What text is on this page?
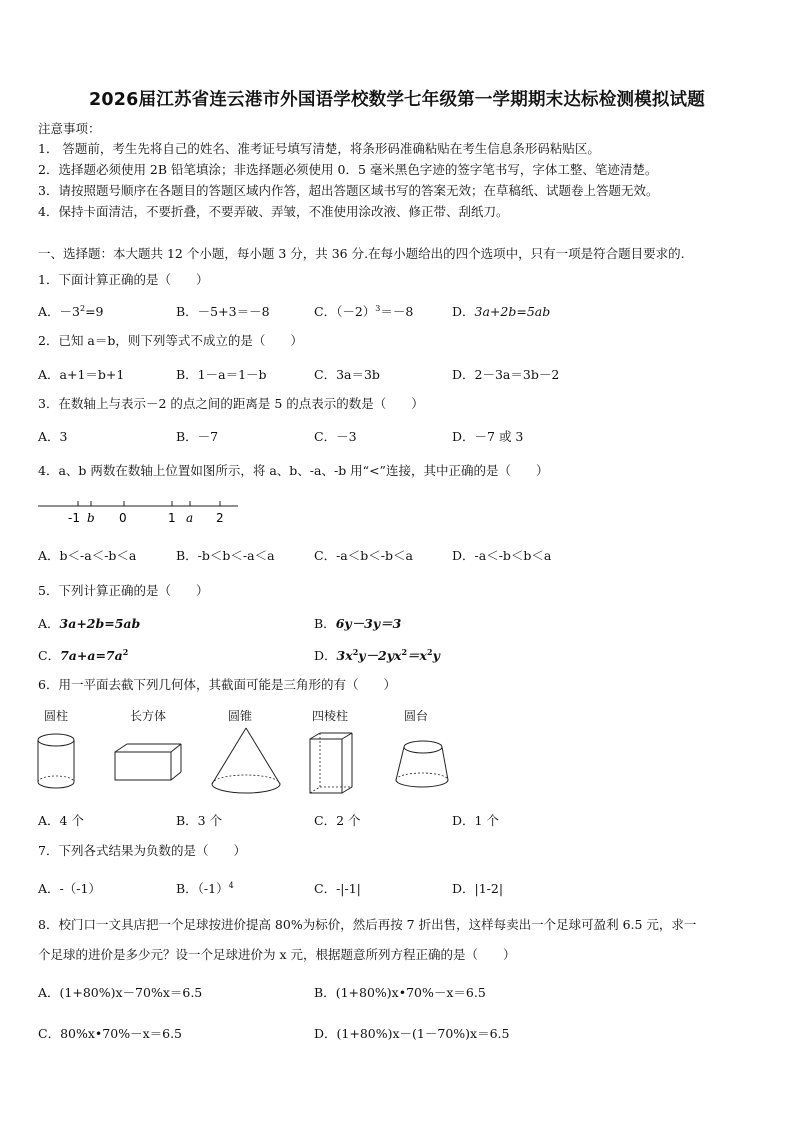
2026届江苏省连云港市外国语学校数学七年级第一学期期末达标检测模拟试题
注意事项：
1． 答题前，考生先将自己的姓名、准考证号填写清楚，将条形码准确粘贴在考生信息条形码粘贴区。
2．选择题必须使用 2B 铅笔填涂；非选择题必须使用 0．5 毫米黑色字迹的签字笔书写，字体工整、笔迹清楚。
3．请按照题号顺序在各题目的答题区域内作答，超出答题区域书写的答案无效；在草稿纸、试题卷上答题无效。
4．保持卡面清洁，不要折叠，不要弄破、弄皱，不准使用涂改液、修正带、刮纸刀。
一、选择题：本大题共 12 个小题，每小题 3 分，共 36 分.在每小题给出的四个选项中，只有一项是符合题目要求的.
1．下面计算正确的是（　　）
A．$-3^2=9$	B．－5+3＝－8	C．$(-2)^3=-8$	D．3a+2b=5ab
2．已知 a＝b，则下列等式不成立的是（　　）
A．a+1＝b+1	B．1－a＝1－b	C．3a＝3b	D．2－3a＝3b－2
3．在数轴上与表示－2 的点之间的距离是 5 的点表示的数是（　　）
A．3	B．－7	C．－3	D．－7 或 3
4．a、b 两数在数轴上位置如图所示，将 a、b、-a、-b 用“<”连接，其中正确的是（　　）
-1 b 0	1 a 2
A．b＜-a＜-b＜a	B．-b＜b＜-a＜a	C．-a＜b＜-b＜a	D．-a＜-b＜b＜a
5．下列计算正确的是（　　）
A．3a+2b=5ab	B．6y－3y＝3
C．$7a+a=7a^2$	D．$3x^2y-2yx^2=x^2y$
6．用一平面去截下列几何体，其截面可能是三角形的有（　　）
圆柱	长方体	圆锥	四棱柱	圆台
A．4 个	B．3 个	C．2 个	D．1 个
7．下列各式结果为负数的是（　　）
A．-（-1）	B．$(-1)^4$	C．-|-1|	D．|1-2|
8．校门口一文具店把一个足球按进价提高 80%为标价，然后再按 7 折出售，这样每卖出一个足球可盈利 6.5 元，求一
个足球的进价是多少元？设一个足球进价为 x 元，根据题意所列方程正确的是（　　）
A．(1+80%)x－70%x＝6.5	B．(1+80%)x•70%－x＝6.5
C．80%x•70%－x＝6.5	D．(1+80%)x－(1－70%)x＝6.5
